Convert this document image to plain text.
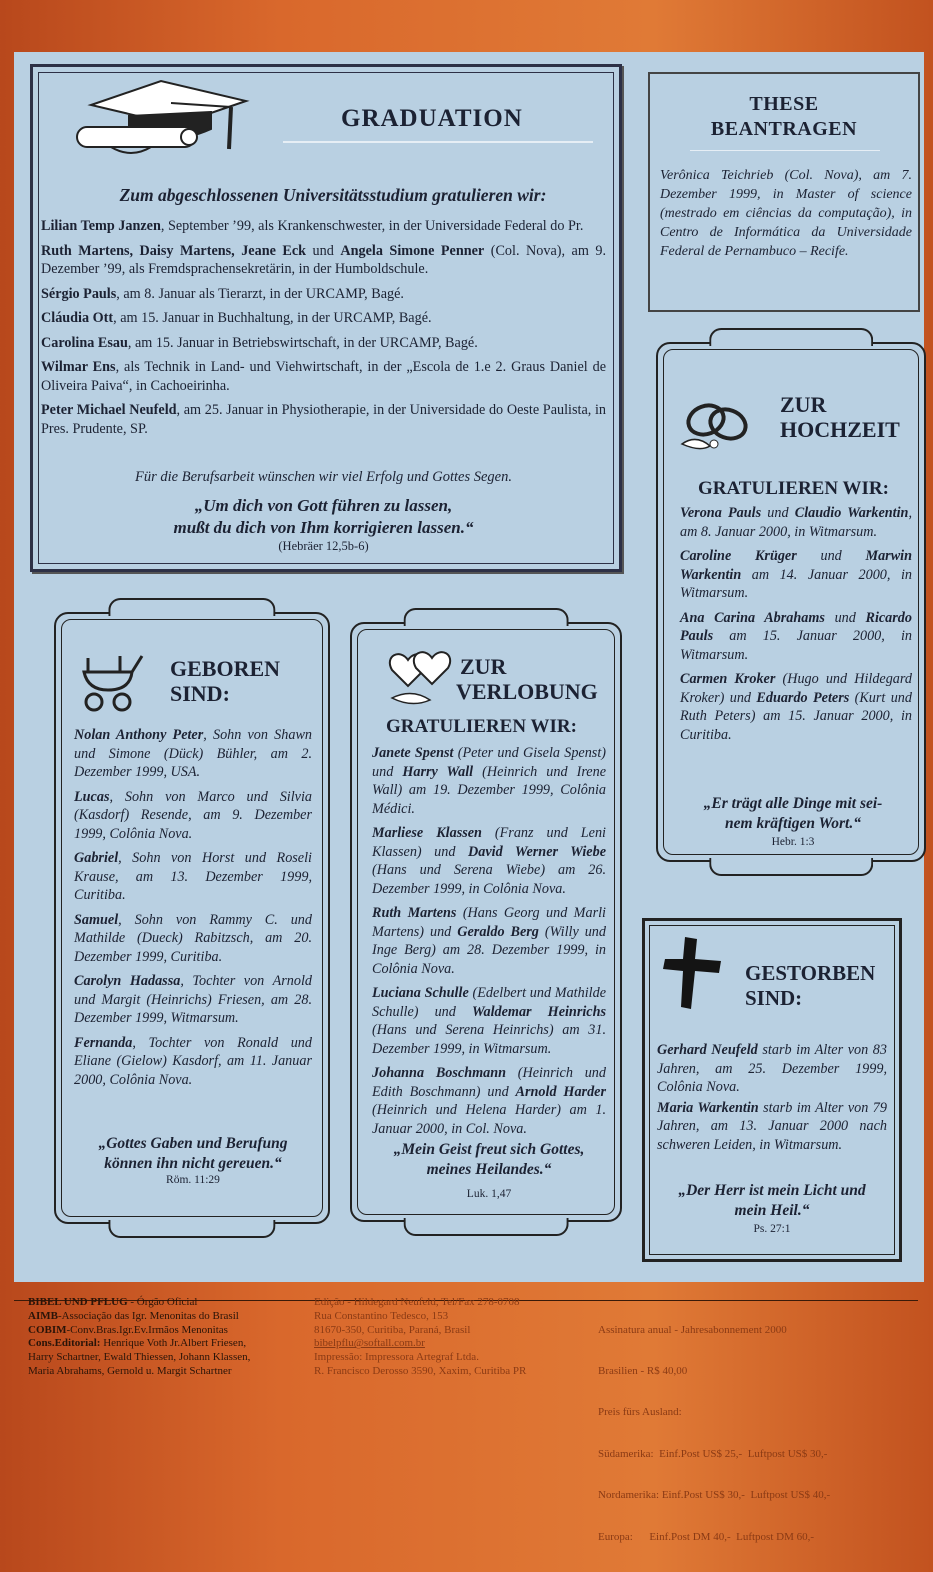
GRADUATION
Zum abgeschlossenen Universitätsstudium gratulieren wir:

Lilian Temp Janzen, September ’99, als Krankenschwester, in der Universidade Federal do Pr.

Ruth Martens, Daisy Martens, Jeane Eck und Angela Simone Penner (Col. Nova), am 9. Dezember ’99, als Fremdsprachensekretärin, in der Humboldschule.

Sérgio Pauls, am 8. Januar als Tierarzt, in der URCAMP, Bagé.

Cláudia Ott, am 15. Januar in Buchhaltung, in der URCAMP, Bagé.

Carolina Esau, am 15. Januar in Betriebswirtschaft, in der URCAMP, Bagé.

Wilmar Ens, als Technik in Land- und Viehwirtschaft, in der „Escola de 1.e 2. Graus Daniel de Oliveira Paiva“, in Cachoeirinha.

Peter Michael Neufeld, am 25. Januar in Physiotherapie, in der Universidade do Oeste Paulista, in Pres. Prudente, SP.

Für die Berufsarbeit wünschen wir viel Erfolg und Gottes Segen.
„Um dich von Gott führen zu lassen,
mußt du dich von Ihm korrigieren lassen.“
(Hebräer 12,5b-6)
THESE
BEANTRAGEN
Verônica Teichrieb (Col. Nova), am 7. Dezember 1999, in Master of science (mestrado em ciências da computação), in Centro de Informática da Universidade Federal de Pernambuco – Recife.
ZUR
HOCHZEIT
GRATULIEREN WIR:

Verona Pauls und Claudio Warkentin, am 8. Januar 2000, in Witmarsum.

Caroline Krüger und Marwin Warkentin am 14. Januar 2000, in Witmarsum.

Ana Carina Abrahams und Ricardo Pauls am 15. Januar 2000, in Witmarsum.

Carmen Kroker (Hugo und Hildegard Kroker) und Eduardo Peters (Kurt und Ruth Peters) am 15. Januar 2000, in Curitiba.

„Er trägt alle Dinge mit sei-
nem kräftigen Wort.“
Hebr. 1:3
GEBOREN
SIND:

Nolan Anthony Peter, Sohn von Shawn und Simone (Dück) Bühler, am 2. Dezember 1999, USA.

Lucas, Sohn von Marco und Silvia (Kasdorf) Resende, am 9. Dezember 1999, Colônia Nova.

Gabriel, Sohn von Horst und Roseli Krause, am 13. Dezember 1999, Curitiba.

Samuel, Sohn von Rammy C. und Mathilde (Dueck) Rabitzsch, am 20. Dezember 1999, Curitiba.

Carolyn Hadassa, Tochter von Arnold und Margit (Heinrichs) Friesen, am 28. Dezember 1999, Witmarsum.

Fernanda, Tochter von Ronald und Eliane (Gielow) Kasdorf, am 11. Januar 2000, Colônia Nova.

„Gottes Gaben und Berufung
können ihn nicht gereuen.“
Röm. 11:29
ZUR
VERLOBUNG
GRATULIEREN WIR:

Janete Spenst (Peter und Gisela Spenst) und Harry Wall (Heinrich und Irene Wall) am 19. Dezember 1999, Colônia Médici.

Marliese Klassen (Franz und Leni Klassen) und David Werner Wiebe (Hans und Serena Wiebe) am 26. Dezember 1999, in Colônia Nova.

Ruth Martens (Hans Georg und Marli Martens) und Geraldo Berg (Willy und Inge Berg) am 28. Dezember 1999, in Colônia Nova.

Luciana Schulle (Edelbert und Mathilde Schulle) und Waldemar Heinrichs (Hans und Serena Heinrichs) am 31. Dezember 1999, in Witmarsum.

Johanna Boschmann (Heinrich und Edith Boschmann) und Arnold Harder (Heinrich und Helena Harder) am 1. Januar 2000, in Col. Nova.

„Mein Geist freut sich Gottes,
meines Heilandes.“
Luk. 1,47
GESTORBEN
SIND:

Gerhard Neufeld starb im Alter von 83 Jahren, am 25. Dezember 1999, Colônia Nova.

Maria Warkentin starb im Alter von 79 Jahren, am 13. Januar 2000 nach schweren Leiden, in Witmarsum.

„Der Herr ist mein Licht und
mein Heil.“
Ps. 27:1
BIBEL UND PFLUG - Órgão Oficial
AIMB-Associação das Igr. Menonitas do Brasil
COBIM-Conv.Bras.Igr.Ev.Irmãos Menonitas
Cons.Editorial: Henrique Voth Jr.Albert Friesen,
Harry Schartner, Ewald Thiessen, Johann Klassen,
Maria Abrahams, Gernold u. Margit Schartner
Edição - Hildegard Neufeld, Tel/Fax 278-0708
Rua Constantino Tedesco, 153
81670-350, Curitiba, Paraná, Brasil
bibelpflu@softall.com.br
Impressão: Impressora Artegraf Ltda.
R. Francisco Derosso 3590, Xaxim, Curitiba PR

Assinatura anual - Jahresabonnement 2000

Brasilien - R$ 40,00

Preis fürs Ausland:

Südamerika:  Einf.Post US$ 25,-  Luftpost US$ 30,-

Nordamerika: Einf.Post US$ 30,-  Luftpost US$ 40,-

Europa:      Einf.Post DM 40,-  Luftpost DM 60,-
